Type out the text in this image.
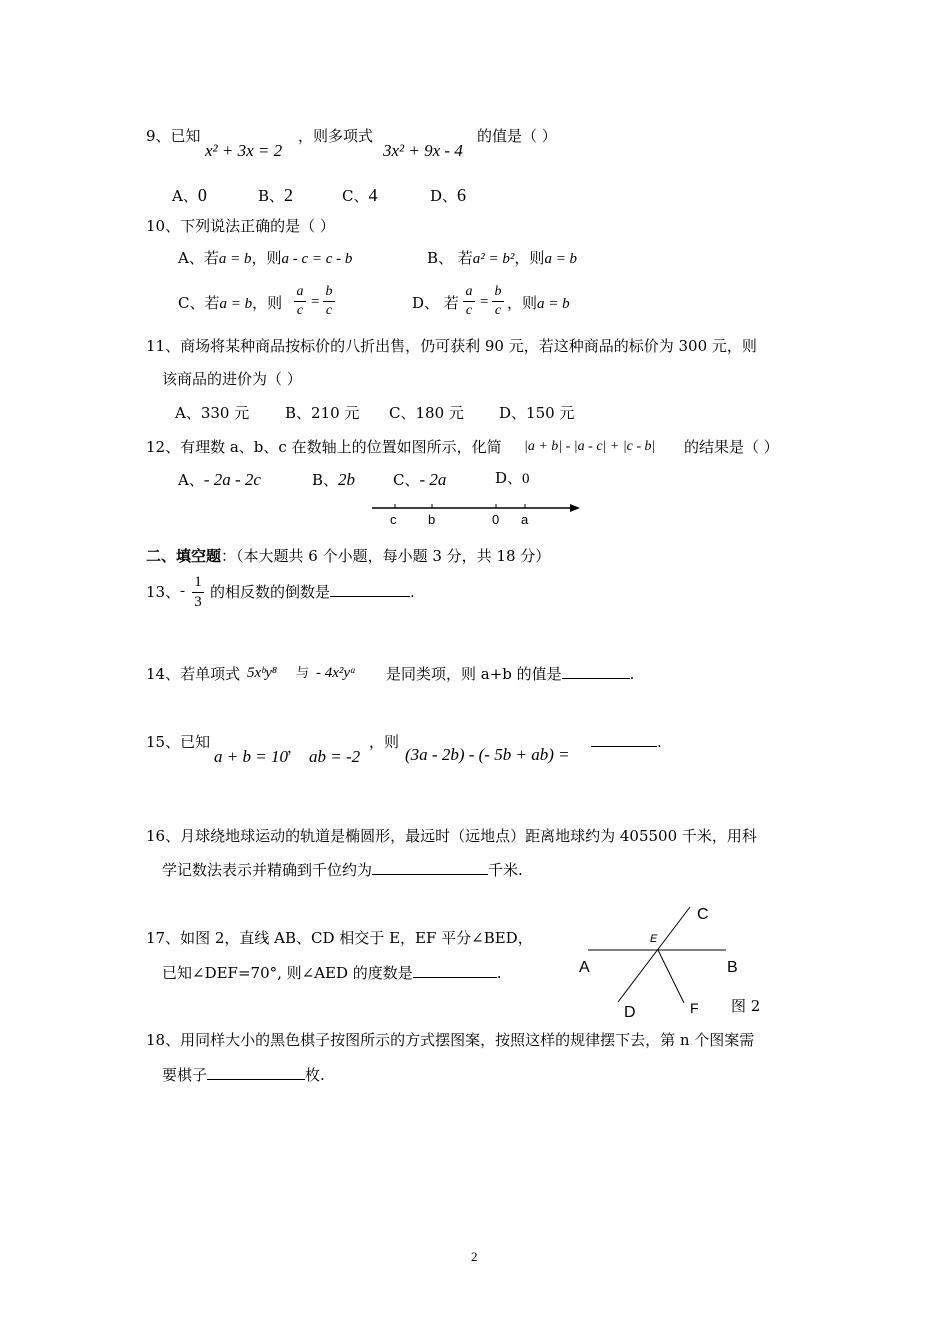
9、已知
x² + 3x = 2
，则多项式
3x² + 9x - 4
的值是（ ）
A、0	B、2	C、4	D、6
10、下列说法正确的是（ ）
A、若a = b，则a - c = c - b	B、 若a² = b²，则a = b
C、若a = b，则
a
c
=
b
c	D、 若
a
c
=
b
c ，则a = b
11、商场将某种商品按标价的八折出售，仍可获利 90 元，若这种商品的标价为 300 元，则
该商品的进价为（ ）
A、330 元 B、210 元 C、180 元 D、150 元
12、有理数 a、b、c 在数轴上的位置如图所示，化简 |a + b| - |a - c| + |c - b| 的结果是（ ）
A、- 2a - 2c	B、2b	C、- 2a	D、0
c b	0 a
二、填空题：（本大题共 6 个小题，每小题 3 分，共 18 分）
13、 -
1
3
的相反数的倒数是	.
14、若单项式 5xᵇy⁸ 与 - 4x²yᵃ 是同类项，则 a+b 的值是	.
15、已知
a + b = 10 ， ab = -2
，则
(3a - 2b) - (- 5b + ab) =
.
16、月球绕地球运动的轨道是椭圆形，最远时（远地点）距离地球约为 405500 千米，用科
学记数法表示并精确到千位约为	千米.
17、如图 2，直线 AB、CD 相交于 E，EF 平分∠BED，
已知∠DEF=70°, 则∠AED 的度数是	.
C
E
A	B
D	F 图 2
18、用同样大小的黑色棋子按图所示的方式摆图案，按照这样的规律摆下去，第 n 个图案需
要棋子	枚.
2
